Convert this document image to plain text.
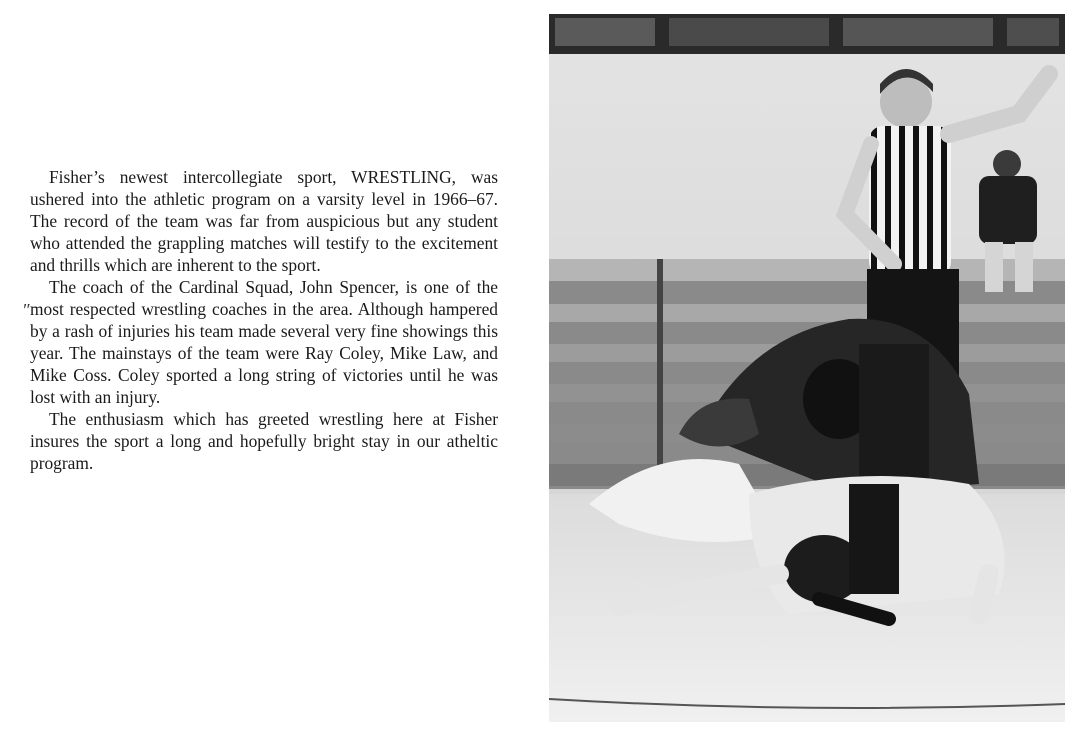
Fisher’s newest intercollegiate sport, WRESTLING, was ushered into the athletic program on a varsity level in 1966–67. The record of the team was far from auspicious but any student who attended the grappling matches will testify to the excitement and thrills which are inherent to the sport.

The coach of the Cardinal Squad, John Spencer, is one of the most respected wrestling coaches in the area. Although hampered by a rash of injuries his team made several very fine showings this year. The mainstays of the team were Ray Coley, Mike Law, and Mike Coss. Coley sported a long string of victories until he was lost with an injury.

The enthusiasm which has greeted wrestling here at Fisher insures the sport a long and hopefully bright stay in our atheltic program.

″
